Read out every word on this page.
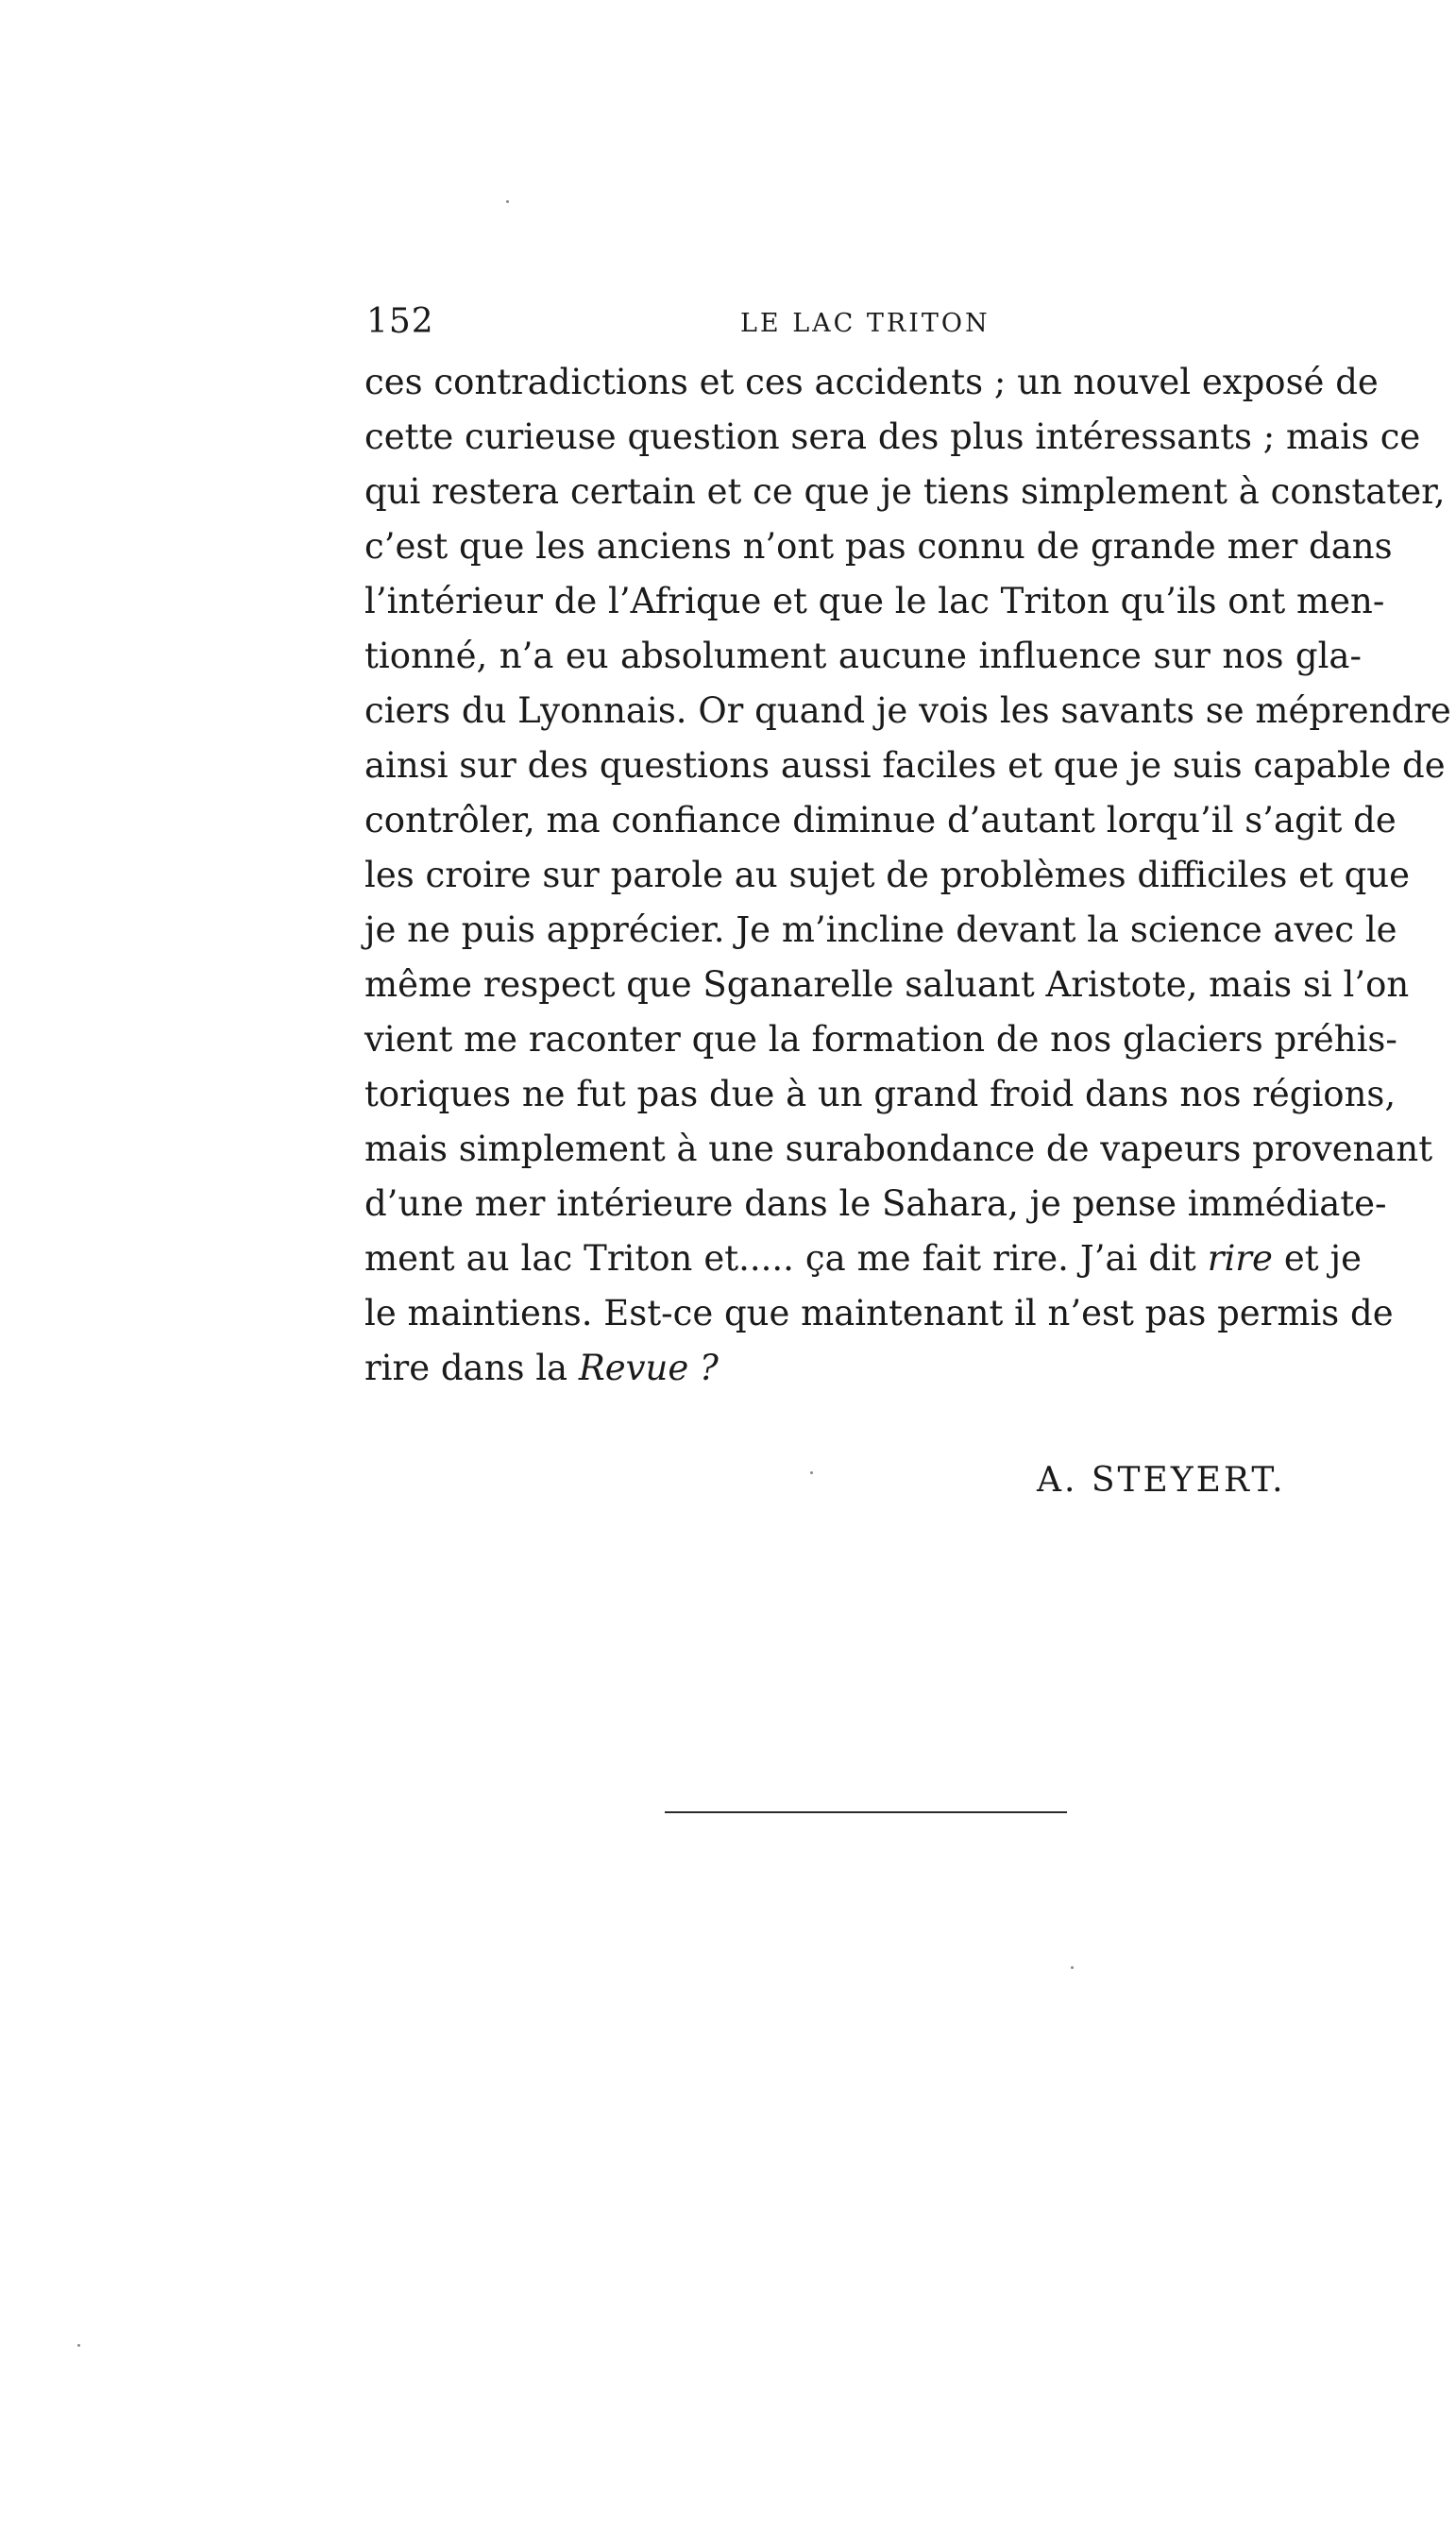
152	LE LAC TRITON
ces contradictions et ces accidents ; un nouvel exposé de
cette curieuse question sera des plus intéressants ; mais ce
qui restera certain et ce que je tiens simplement à constater,
c’est que les anciens n’ont pas connu de grande mer dans
l’intérieur de l’Afrique et que le lac Triton qu’ils ont men-
tionné, n’a eu absolument aucune influence sur nos gla-
ciers du Lyonnais. Or quand je vois les savants se méprendre
ainsi sur des questions aussi faciles et que je suis capable de
contrôler, ma confiance diminue d’autant lorqu’il s’agit de
les croire sur parole au sujet de problèmes difficiles et que
je ne puis apprécier. Je m’incline devant la science avec le
même respect que Sganarelle saluant Aristote, mais si l’on
vient me raconter que la formation de nos glaciers préhis-
toriques ne fut pas due à un grand froid dans nos régions,
mais simplement à une surabondance de vapeurs provenant
d’une mer intérieure dans le Sahara, je pense immédiate-
ment au lac Triton et..... ça me fait rire. J’ai dit rire et je
le maintiens. Est-ce que maintenant il n’est pas permis de
rire dans la Revue ?
A. STEYERT.
